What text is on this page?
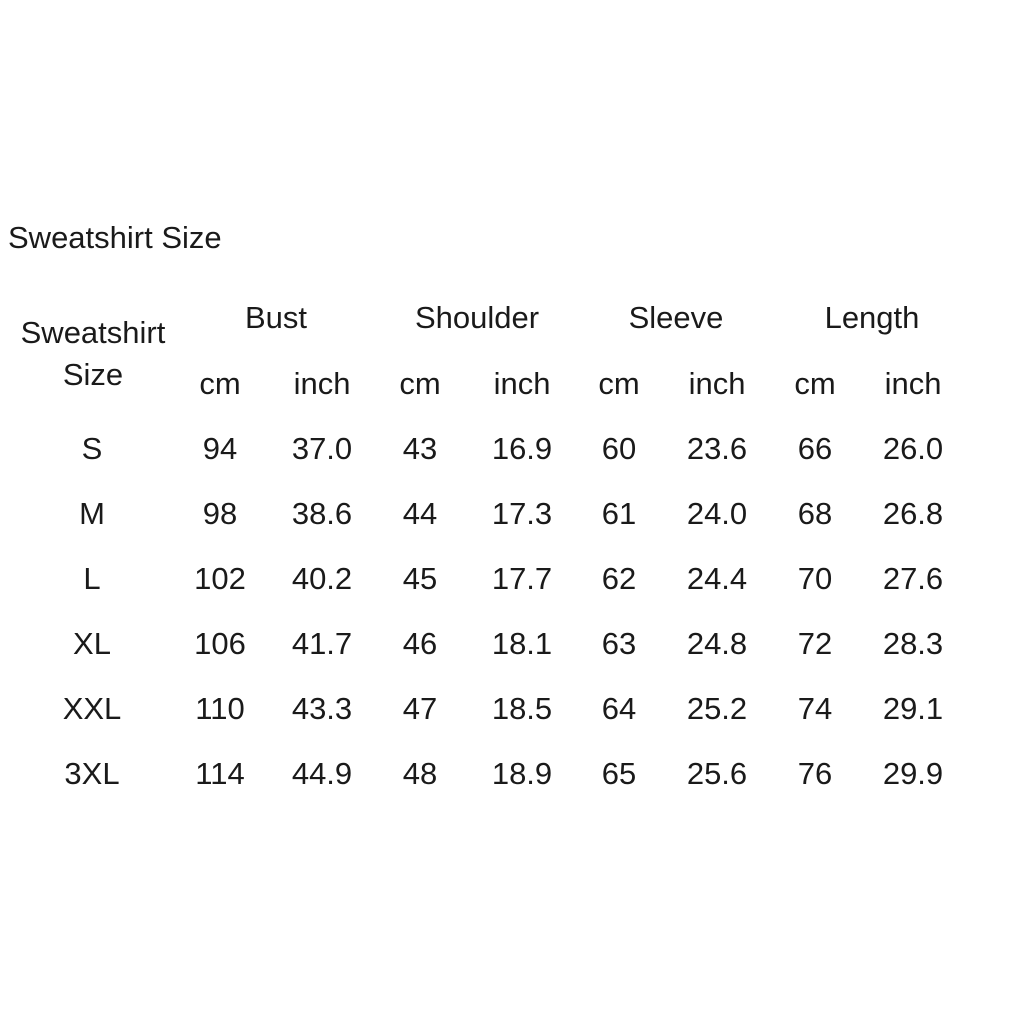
Sweatshirt Size
Sweatshirt Size
Bust	Shoulder	Sleeve	Length
cm	inch	cm	inch	cm	inch	cm	inch
S	94	37.0	43	16.9	60	23.6	66	26.0
M	98	38.6	44	17.3	61	24.0	68	26.8
L	102	40.2	45	17.7	62	24.4	70	27.6
XL	106	41.7	46	18.1	63	24.8	72	28.3
XXL	110	43.3	47	18.5	64	25.2	74	29.1
3XL	114	44.9	48	18.9	65	25.6	76	29.9
